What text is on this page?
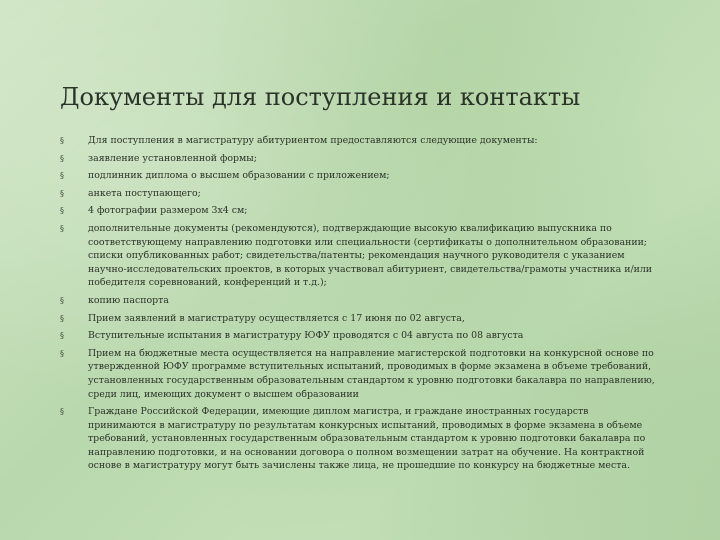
Документы для поступления и контакты
§	Для поступления в магистратуру абитуриентом предоставляются следующие документы:
§	заявление установленной формы;
§	подлинник диплома о высшем образовании с приложением;
§	анкета поступающего;
§	4 фотографии размером 3х4 см;
§	дополнительные документы (рекомендуются), подтверждающие высокую квалификацию выпускника по соответствующему направлению подготовки или специальности (сертификаты о дополнительном образовании; списки опубликованных работ; свидетельства/патенты; рекомендация научного руководителя с указанием научно-исследовательских проектов, в которых участвовал абитуриент, свидетельства/грамоты участника и/или победителя соревнований, конференций и т.д.);
§	копию паспорта
§	Прием заявлений в магистратуру осуществляется с 17 июня по 02 августа,
§	Вступительные испытания в магистратуру ЮФУ проводятся с 04 августа по 08 августа
§	Прием на бюджетные места осуществляется на направление магистерской подготовки на конкурсной основе по утвержденной ЮФУ программе вступительных испытаний, проводимых в форме экзамена в объеме требований, установленных государственным образовательным стандартом к уровню подготовки бакалавра по направлению, среди лиц, имеющих документ о высшем образовании
§	Граждане Российской Федерации, имеющие диплом магистра, и граждане иностранных государств принимаются в магистратуру по результатам конкурсных испытаний, проводимых в форме экзамена в объеме требований, установленных государственным образовательным стандартом к уровню подготовки бакалавра по направлению подготовки, и на основании договора о полном возмещении затрат на обучение. На контрактной основе в магистратуру могут быть зачислены также лица, не прошедшие по конкурсу на бюджетные места.
